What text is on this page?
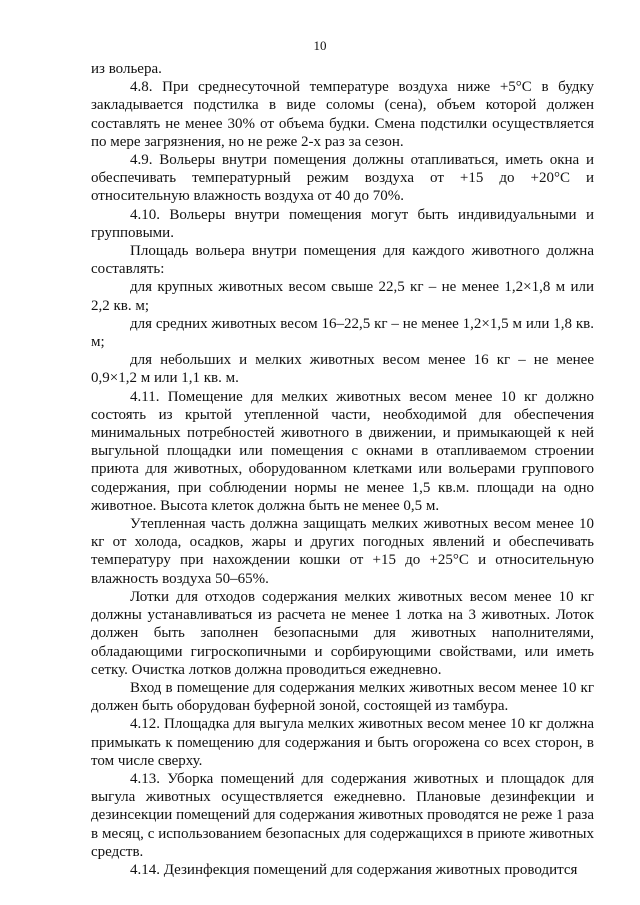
10

из вольера.

4.8. При среднесуточной температуре воздуха ниже +5°С в будку закладывается подстилка в виде соломы (сена), объем которой должен составлять не менее 30% от объема будки. Смена подстилки осуществляется по мере загрязнения, но не реже 2-х раз за сезон.

4.9. Вольеры внутри помещения должны отапливаться, иметь окна и обеспечивать температурный режим воздуха от +15 до +20°С и относительную влажность воздуха от 40 до 70%.

4.10. Вольеры внутри помещения могут быть индивидуальными и групповыми.

Площадь вольера внутри помещения для каждого животного должна составлять:

для крупных животных весом свыше 22,5 кг – не менее 1,2×1,8 м или 2,2 кв. м;

для средних животных весом 16–22,5 кг – не менее 1,2×1,5 м или 1,8 кв. м;

для небольших и мелких животных весом менее 16 кг – не менее 0,9×1,2 м или 1,1 кв. м.

4.11. Помещение для мелких животных весом менее 10 кг должно состоять из крытой утепленной части, необходимой для обеспечения минимальных потребностей животного в движении, и примыкающей к ней выгульной площадки или помещения с окнами в отапливаемом строении приюта для животных, оборудованном клетками или вольерами группового содержания, при соблюдении нормы не менее 1,5 кв.м. площади на одно животное. Высота клеток должна быть не менее 0,5 м.

Утепленная часть должна защищать мелких животных весом менее 10 кг от холода, осадков, жары и других погодных явлений и обеспечивать температуру при нахождении кошки от +15 до +25°С и относительную влажность воздуха 50–65%.

Лотки для отходов содержания мелких животных весом менее 10 кг должны устанавливаться из расчета не менее 1 лотка на 3 животных. Лоток должен быть заполнен безопасными для животных наполнителями, обладающими гигроскопичными и сорбирующими свойствами, или иметь сетку. Очистка лотков должна проводиться ежедневно.

Вход в помещение для содержания мелких животных весом менее 10 кг должен быть оборудован буферной зоной, состоящей из тамбура.

4.12. Площадка для выгула мелких животных весом менее 10 кг должна примыкать к помещению для содержания и быть огорожена со всех сторон, в том числе сверху.

4.13. Уборка помещений для содержания животных и площадок для выгула животных осуществляется ежедневно. Плановые дезинфекции и дезинсекции помещений для содержания животных проводятся не реже 1 раза в месяц, с использованием безопасных для содержащихся в приюте животных средств.

4.14. Дезинфекция помещений для содержания животных проводится
